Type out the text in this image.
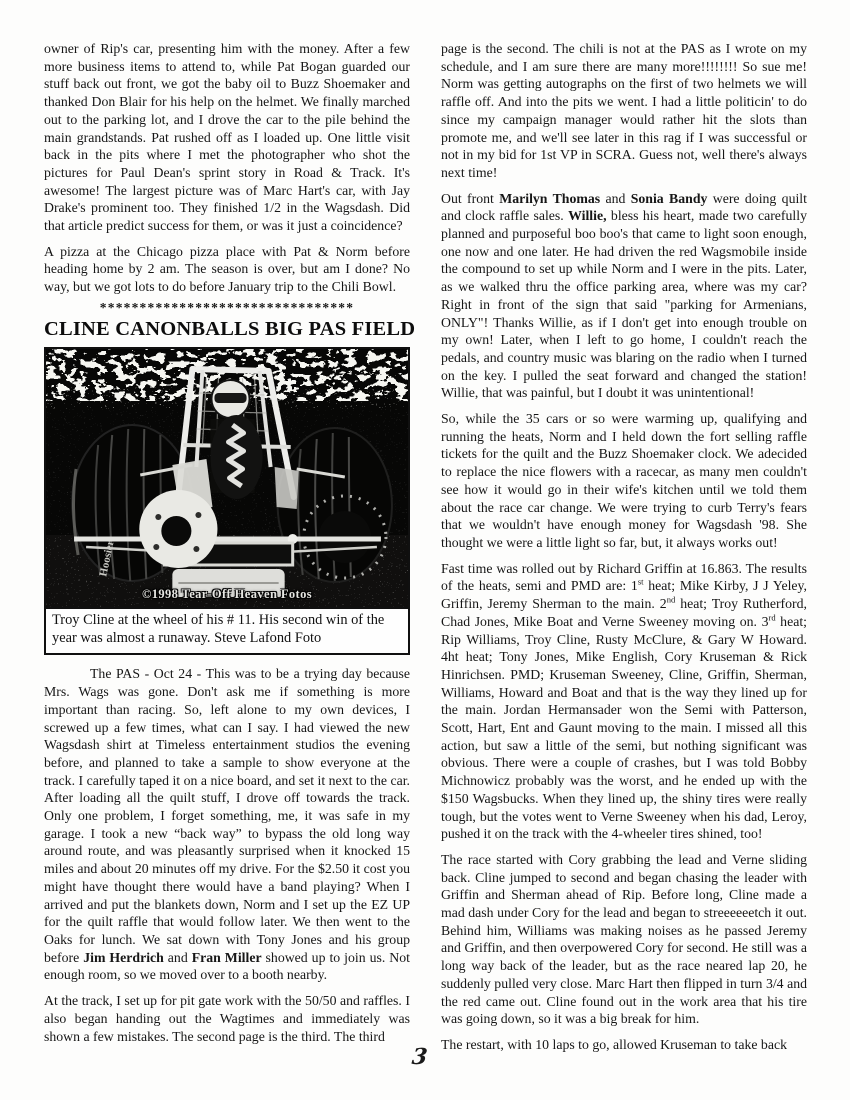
owner of Rip's car, presenting him with the money. After a few more business items to attend to, while Pat Bogan guarded our stuff back out front, we got the baby oil to Buzz Shoemaker and thanked Don Blair for his help on the helmet. We finally marched out to the parking lot, and I drove the car to the pile behind the main grandstands. Pat rushed off as I loaded up. One little visit back in the pits where I met the photographer who shot the pictures for Paul Dean's sprint story in Road & Track. It's awesome! The largest picture was of Marc Hart's car, with Jay Drake's prominent too. They finished 1/2 in the Wagsdash. Did that article predict success for them, or was it just a coincidence?

A pizza at the Chicago pizza place with Pat & Norm before heading home by 2 am. The season is over, but am I done? No way, but we got lots to do before January trip to the Chili Bowl.

********************************
CLINE CANONBALLS BIG PAS FIELD
Hoosier
©1998 Tear-Off Heaven Fotos
Troy Cline at the wheel of his # 11. His second win of the year was almost a runaway. Steve Lafond Foto

The PAS - Oct 24 - This was to be a trying day because Mrs. Wags was gone. Don't ask me if something is more important than racing. So, left alone to my own devices, I screwed up a few times, what can I say. I had viewed the new Wagsdash shirt at Timeless entertainment studios the evening before, and planned to take a sample to show everyone at the track. I carefully taped it on a nice board, and set it next to the car. After loading all the quilt stuff, I drove off towards the track. Only one problem, I forget something, me, it was safe in my garage. I took a new “back way” to bypass the old long way around route, and was pleasantly surprised when it knocked 15 miles and about 20 minutes off my drive. For the $2.50 it cost you might have thought there would have a band playing? When I arrived and put the blankets down, Norm and I set up the EZ UP for the quilt raffle that would follow later. We then went to the Oaks for lunch. We sat down with Tony Jones and his group before Jim Herdrich and Fran Miller showed up to join us. Not enough room, so we moved over to a booth nearby.

At the track, I set up for pit gate work with the 50/50 and raffles. I also began handing out the Wagtimes and immediately was shown a few mistakes. The second page is the third. The third

page is the second. The chili is not at the PAS as I wrote on my schedule, and I am sure there are many more!!!!!!!! So sue me! Norm was getting autographs on the first of two helmets we will raffle off. And into the pits we went. I had a little politicin' to do since my campaign manager would rather hit the slots than promote me, and we'll see later in this rag if I was successful or not in my bid for 1st VP in SCRA. Guess not, well there's always next time!

Out front Marilyn Thomas and Sonia Bandy were doing quilt and clock raffle sales. Willie, bless his heart, made two carefully planned and purposeful boo boo's that came to light soon enough, one now and one later. He had driven the red Wagsmobile inside the compound to set up while Norm and I were in the pits. Later, as we walked thru the office parking area, where was my car? Right in front of the sign that said "parking for Armenians, ONLY"! Thanks Willie, as if I don't get into enough trouble on my own! Later, when I left to go home, I couldn't reach the pedals, and country music was blaring on the radio when I turned on the key. I pulled the seat forward and changed the station! Willie, that was painful, but I doubt it was unintentional!

So, while the 35 cars or so were warming up, qualifying and running the heats, Norm and I held down the fort selling raffle tickets for the quilt and the Buzz Shoemaker clock. We adecided to replace the nice flowers with a racecar, as many men couldn't see how it would go in their wife's kitchen until we told them about the race car change. We were trying to curb Terry's fears that we wouldn't have enough money for Wagsdash '98. She thought we were a little light so far, but, it always works out!

Fast time was rolled out by Richard Griffin at 16.863. The results of the heats, semi and PMD are: 1st heat; Mike Kirby, J J Yeley, Griffin, Jeremy Sherman to the main. 2nd heat; Troy Rutherford, Chad Jones, Mike Boat and Verne Sweeney moving on. 3rd heat; Rip Williams, Troy Cline, Rusty McClure, & Gary W Howard. 4ht heat; Tony Jones, Mike English, Cory Kruseman & Rick Hinrichsen. PMD; Kruseman Sweeney, Cline, Griffin, Sherman, Williams, Howard and Boat and that is the way they lined up for the main. Jordan Hermansader won the Semi with Patterson, Scott, Hart, Ent and Gaunt moving to the main. I missed all this action, but saw a little of the semi, but nothing significant was obvious. There were a couple of crashes, but I was told Bobby Michnowicz probably was the worst, and he ended up with the $150 Wagsbucks. When they lined up, the shiny tires were really tough, but the votes went to Verne Sweeney when his dad, Leroy, pushed it on the track with the 4-wheeler tires shined, too!

The race started with Cory grabbing the lead and Verne sliding back. Cline jumped to second and began chasing the leader with Griffin and Sherman ahead of Rip. Before long, Cline made a mad dash under Cory for the lead and began to streeeeeetch it out. Behind him, Williams was making noises as he passed Jeremy and Griffin, and then overpowered Cory for second. He still was a long way back of the leader, but as the race neared lap 20, he suddenly pulled very close. Marc Hart then flipped in turn 3/4 and the red came out. Cline found out in the work area that his tire was going down, so it was a big break for him.

The restart, with 10 laps to go, allowed Kruseman to take back

3
